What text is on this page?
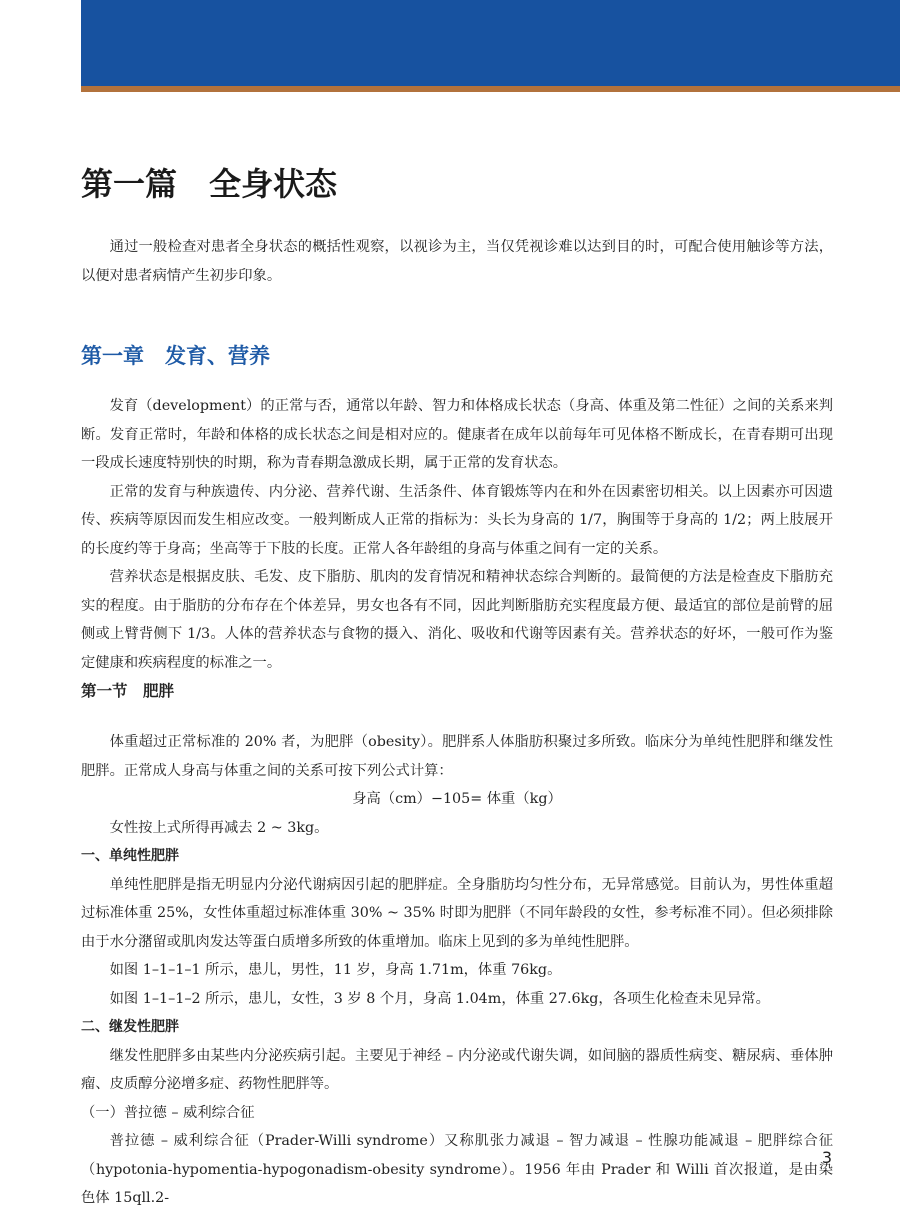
第一篇　全身状态

通过一般检查对患者全身状态的概括性观察，以视诊为主，当仅凭视诊难以达到目的时，可配合使用触诊等方法，以便对患者病情产生初步印象。

第一章　发育、营养

发育（development）的正常与否，通常以年龄、智力和体格成长状态（身高、体重及第二性征）之间的关系来判断。发育正常时，年龄和体格的成长状态之间是相对应的。健康者在成年以前每年可见体格不断成长，在青春期可出现一段成长速度特别快的时期，称为青春期急激成长期，属于正常的发育状态。

正常的发育与种族遗传、内分泌、营养代谢、生活条件、体育锻炼等内在和外在因素密切相关。以上因素亦可因遗传、疾病等原因而发生相应改变。一般判断成人正常的指标为：头长为身高的 1/7，胸围等于身高的 1/2；两上肢展开的长度约等于身高；坐高等于下肢的长度。正常人各年龄组的身高与体重之间有一定的关系。

营养状态是根据皮肤、毛发、皮下脂肪、肌肉的发育情况和精神状态综合判断的。最简便的方法是检查皮下脂肪充实的程度。由于脂肪的分布存在个体差异，男女也各有不同，因此判断脂肪充实程度最方便、最适宜的部位是前臂的屈侧或上臂背侧下 1/3。人体的营养状态与食物的摄入、消化、吸收和代谢等因素有关。营养状态的好坏，一般可作为鉴定健康和疾病程度的标准之一。

第一节　肥胖

体重超过正常标准的 20% 者，为肥胖（obesity）。肥胖系人体脂肪积聚过多所致。临床分为单纯性肥胖和继发性肥胖。正常成人身高与体重之间的关系可按下列公式计算：

身高（cm）−105= 体重（kg）

女性按上式所得再减去 2 ~ 3kg。

一、单纯性肥胖

单纯性肥胖是指无明显内分泌代谢病因引起的肥胖症。全身脂肪均匀性分布，无异常感觉。目前认为，男性体重超过标准体重 25%，女性体重超过标准体重 30% ~ 35% 时即为肥胖（不同年龄段的女性，参考标准不同）。但必须排除由于水分潴留或肌肉发达等蛋白质增多所致的体重增加。临床上见到的多为单纯性肥胖。

如图 1–1–1–1 所示，患儿，男性，11 岁，身高 1.71m，体重 76kg。

如图 1–1–1–2 所示，患儿，女性，3 岁 8 个月，身高 1.04m，体重 27.6kg，各项生化检查未见异常。

二、继发性肥胖

继发性肥胖多由某些内分泌疾病引起。主要见于神经 – 内分泌或代谢失调，如间脑的器质性病变、糖尿病、垂体肿瘤、皮质醇分泌增多症、药物性肥胖等。

（一）普拉德 – 威利综合征

普拉德 – 威利综合征（Prader-Willi syndrome）又称肌张力减退 – 智力减退 – 性腺功能减退 – 肥胖综合征（hypotonia-hypomentia-hypogonadism-obesity syndrome）。1956 年由 Prader 和 Willi 首次报道，是由染色体 15qll.2-

3
